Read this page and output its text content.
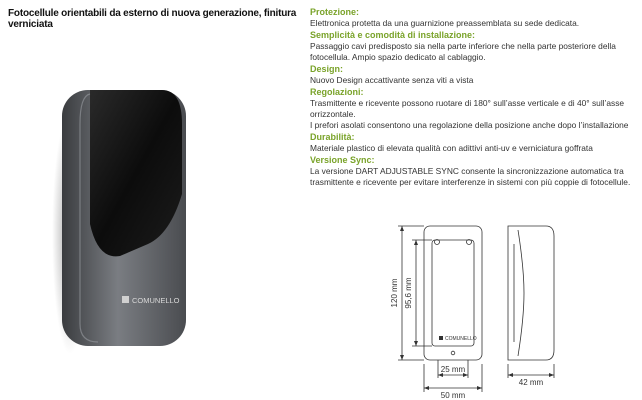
Fotocellule orientabili da esterno di nuova generazione, finitura verniciata
COMUNELLO
Protezione:
Elettronica protetta da una guarnizione preassemblata su sede dedicata.
Semplicità e comodità di installazione:
Passaggio cavi predisposto sia nella parte inferiore che nella parte posteriore della
fotocellula. Ampio spazio dedicato al cablaggio.
Design:
Nuovo Design accattivante senza viti a vista
Regolazioni:
Trasmittente e ricevente possono ruotare di 180° sull’asse verticale e di 40° sull’asse
orrizzontale.
I prefori asolati consentono una regolazione della posizione anche dopo l’installazione
Durabilità:
Materiale plastico di elevata qualità con adittivi anti-uv e verniciatura goffrata
Versione Sync:
La versione DART ADJUSTABLE SYNC consente la sincronizzazione automatica tra
trasmittente e ricevente per evitare interferenze in sistemi con più coppie di fotocellule.
COMUNELLO
120 mm 95,6 mm
25 mm
50 mm
42 mm
